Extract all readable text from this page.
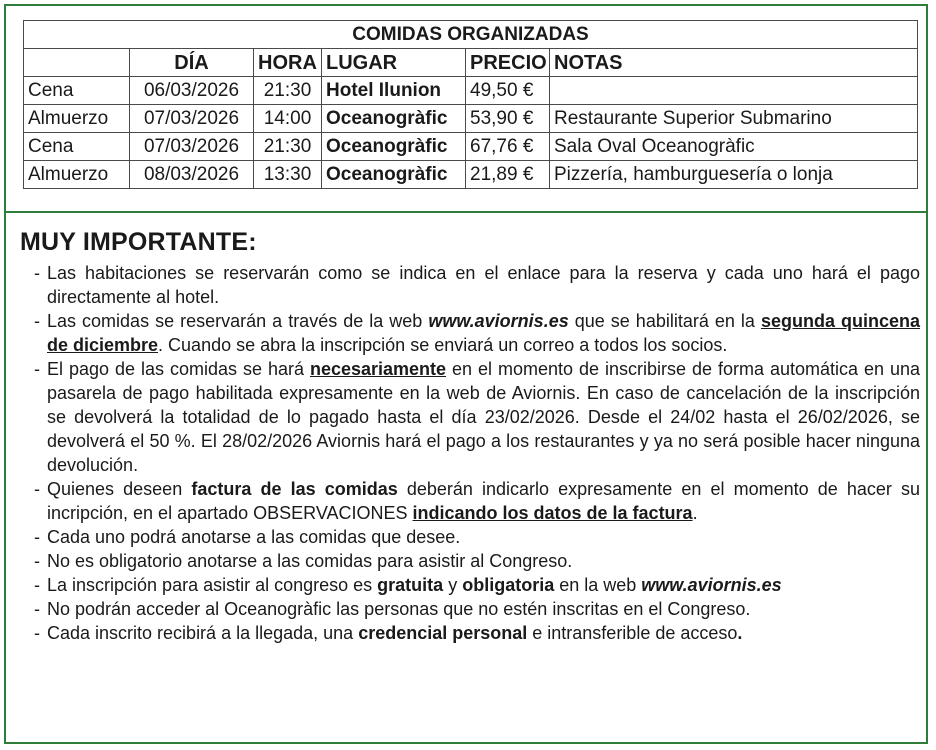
COMIDAS ORGANIZADAS					
	DÍA	HORA	LUGAR	PRECIO	NOTAS
Cena	06/03/2026	21:30	Hotel Ilunion	49,50 €	
Almuerzo	07/03/2026	14:00	Oceanogràfic	53,90 €	Restaurante Superior Submarino
Cena	07/03/2026	21:30	Oceanogràfic	67,76 €	Sala Oval Oceanogràfic
Almuerzo	08/03/2026	13:30	Oceanogràfic	21,89 €	Pizzería, hamburguesería o lonja
MUY IMPORTANTE:

- Las habitaciones se reservarán como se indica en el enlace para la reserva y cada uno hará el pago directamente al hotel.

- Las comidas se reservarán a través de la web www.aviornis.es que se habilitará en la segunda quincena de diciembre. Cuando se abra la inscripción se enviará un correo a todos los socios.

- El pago de las comidas se hará necesariamente en el momento de inscribirse de forma automática en una pasarela de pago habilitada expresamente en la web de Aviornis. En caso de cancelación de la inscripción se devolverá la totalidad de lo pagado hasta el día 23/02/2026. Desde el 24/02 hasta el 26/02/2026, se devolverá el 50 %. El 28/02/2026 Aviornis hará el pago a los restaurantes y ya no será posible hacer ninguna devolución.

- Quienes deseen factura de las comidas deberán indicarlo expresamente en el momento de hacer su incripción, en el apartado OBSERVACIONES indicando los datos de la factura.

- Cada uno podrá anotarse a las comidas que desee.

- No es obligatorio anotarse a las comidas para asistir al Congreso.

- La inscripción para asistir al congreso es gratuita y obligatoria en la web www.aviornis.es

- No podrán acceder al Oceanogràfic las personas que no estén inscritas en el Congreso.

- Cada inscrito recibirá a la llegada, una credencial personal e intransferible de acceso.
